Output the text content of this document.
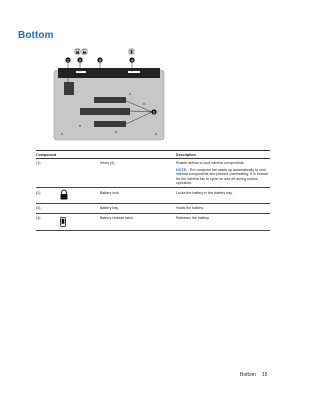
Bottom
1	2	3	4
1
Component	Description
(1)	Vents (4)	Enable airflow to cool internal components.
NOTE: The computer fan starts up automatically to cool internal components and prevent overheating. It is normal for the internal fan to cycle on and off during routine operation.
(2)	Battery lock	Locks the battery in the battery bay.
(3)	Battery bay	Holds the battery.
(4)	Battery release latch	Releases the battery.
Bottom 15
